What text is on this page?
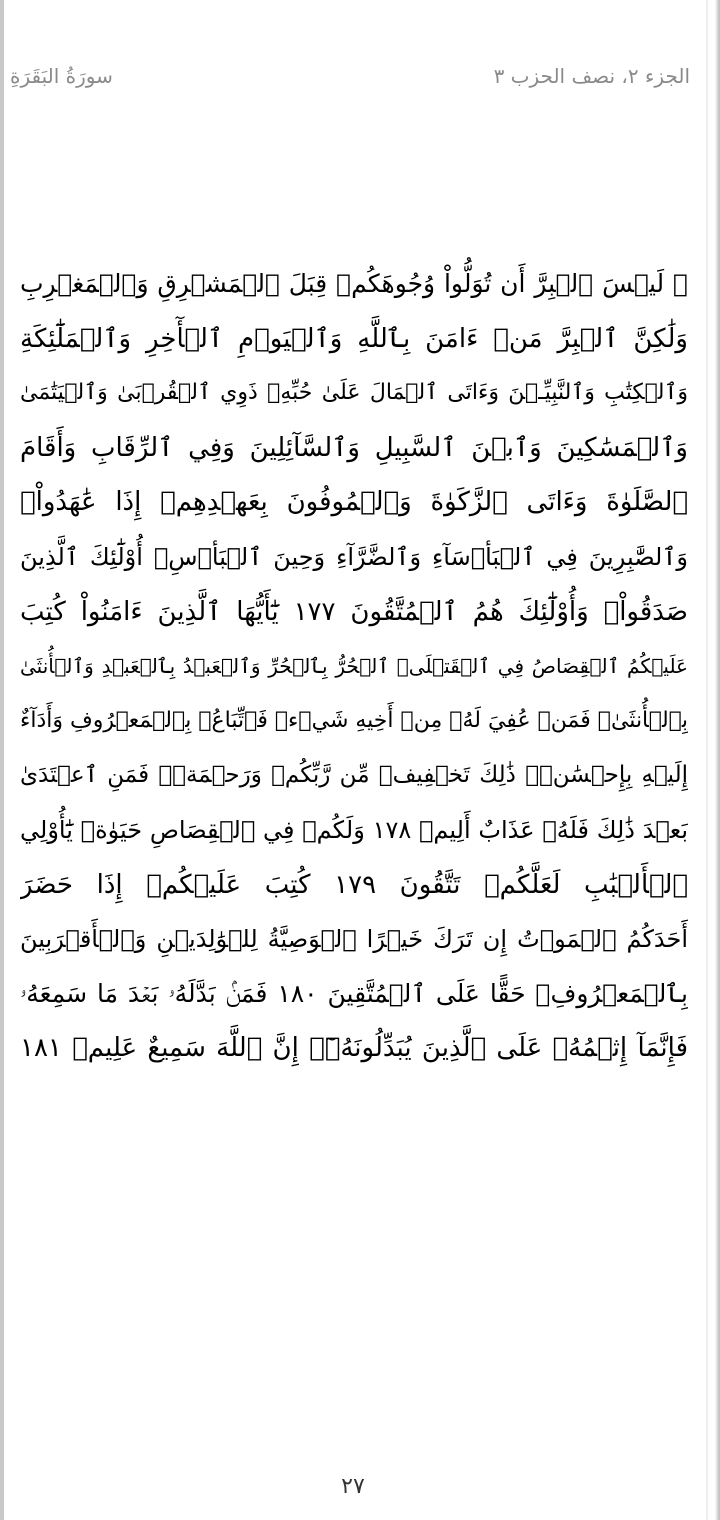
سورَةُ البَقَرَةِ	الجزء ٢، نصف الحزب ٣
۞ لَيۡسَ ٱلۡبِرَّ أَن تُوَلُّواْ وُجُوهَكُمۡ قِبَلَ ٱلۡمَشۡرِقِ وَٱلۡمَغۡرِبِ
وَلَٰكِنَّ ٱلۡبِرَّ مَنۡ ءَامَنَ بِٱللَّهِ وَٱلۡيَوۡمِ ٱلۡأٓخِرِ وَٱلۡمَلَٰٓئِكَةِ
وَٱلۡكِتَٰبِ وَٱلنَّبِيِّـۧنَ وَءَاتَى ٱلۡمَالَ عَلَىٰ حُبِّهِۦ ذَوِي ٱلۡقُرۡبَىٰ وَٱلۡيَتَٰمَىٰ
وَٱلۡمَسَٰكِينَ وَٱبۡنَ ٱلسَّبِيلِ وَٱلسَّآئِلِينَ وَفِي ٱلرِّقَابِ وَأَقَامَ
ٱلصَّلَوٰةَ وَءَاتَى ٱلزَّكَوٰةَ وَٱلۡمُوفُونَ بِعَهۡدِهِمۡ إِذَا عَٰهَدُواْۖ
وَٱلصَّٰبِرِينَ فِي ٱلۡبَأۡسَآءِ وَٱلضَّرَّآءِ وَحِينَ ٱلۡبَأۡسِۗ أُوْلَٰٓئِكَ ٱلَّذِينَ
صَدَقُواْۖ وَأُوْلَٰٓئِكَ هُمُ ٱلۡمُتَّقُونَ ١٧٧ يَٰٓأَيُّهَا ٱلَّذِينَ ءَامَنُواْ كُتِبَ
عَلَيۡكُمُ ٱلۡقِصَاصُ فِي ٱلۡقَتۡلَىۖ ٱلۡحُرُّ بِٱلۡحُرِّ وَٱلۡعَبۡدُ بِٱلۡعَبۡدِ وَٱلۡأُنثَىٰ
بِٱلۡأُنثَىٰۚ فَمَنۡ عُفِيَ لَهُۥ مِنۡ أَخِيهِ شَيۡءٞ فَٱتِّبَاعُۢ بِٱلۡمَعۡرُوفِ وَأَدَآءٌ
إِلَيۡهِ بِإِحۡسَٰنٖۗ ذَٰلِكَ تَخۡفِيفٞ مِّن رَّبِّكُمۡ وَرَحۡمَةٞۗ فَمَنِ ٱعۡتَدَىٰ
بَعۡدَ ذَٰلِكَ فَلَهُۥ عَذَابٌ أَلِيمٞ ١٧٨ وَلَكُمۡ فِي ٱلۡقِصَاصِ حَيَوٰةٞ يَٰٓأُوْلِي
ٱلۡأَلۡبَٰبِ لَعَلَّكُمۡ تَتَّقُونَ ١٧٩ كُتِبَ عَلَيۡكُمۡ إِذَا حَضَرَ
أَحَدَكُمُ ٱلۡمَوۡتُ إِن تَرَكَ خَيۡرًا ٱلۡوَصِيَّةُ لِلۡوَٰلِدَيۡنِ وَٱلۡأَقۡرَبِينَ
بِٱلۡمَعۡرُوفِۖ حَقًّا عَلَى ٱلۡمُتَّقِينَ ١٨٠ فَمَنۢ بَدَّلَهُۥ بَعۡدَ مَا سَمِعَهُۥ
فَإِنَّمَآ إِثۡمُهُۥ عَلَى ٱلَّذِينَ يُبَدِّلُونَهُۥٓۚ إِنَّ ٱللَّهَ سَمِيعٌ عَلِيمٞ ١٨١
٢٧
